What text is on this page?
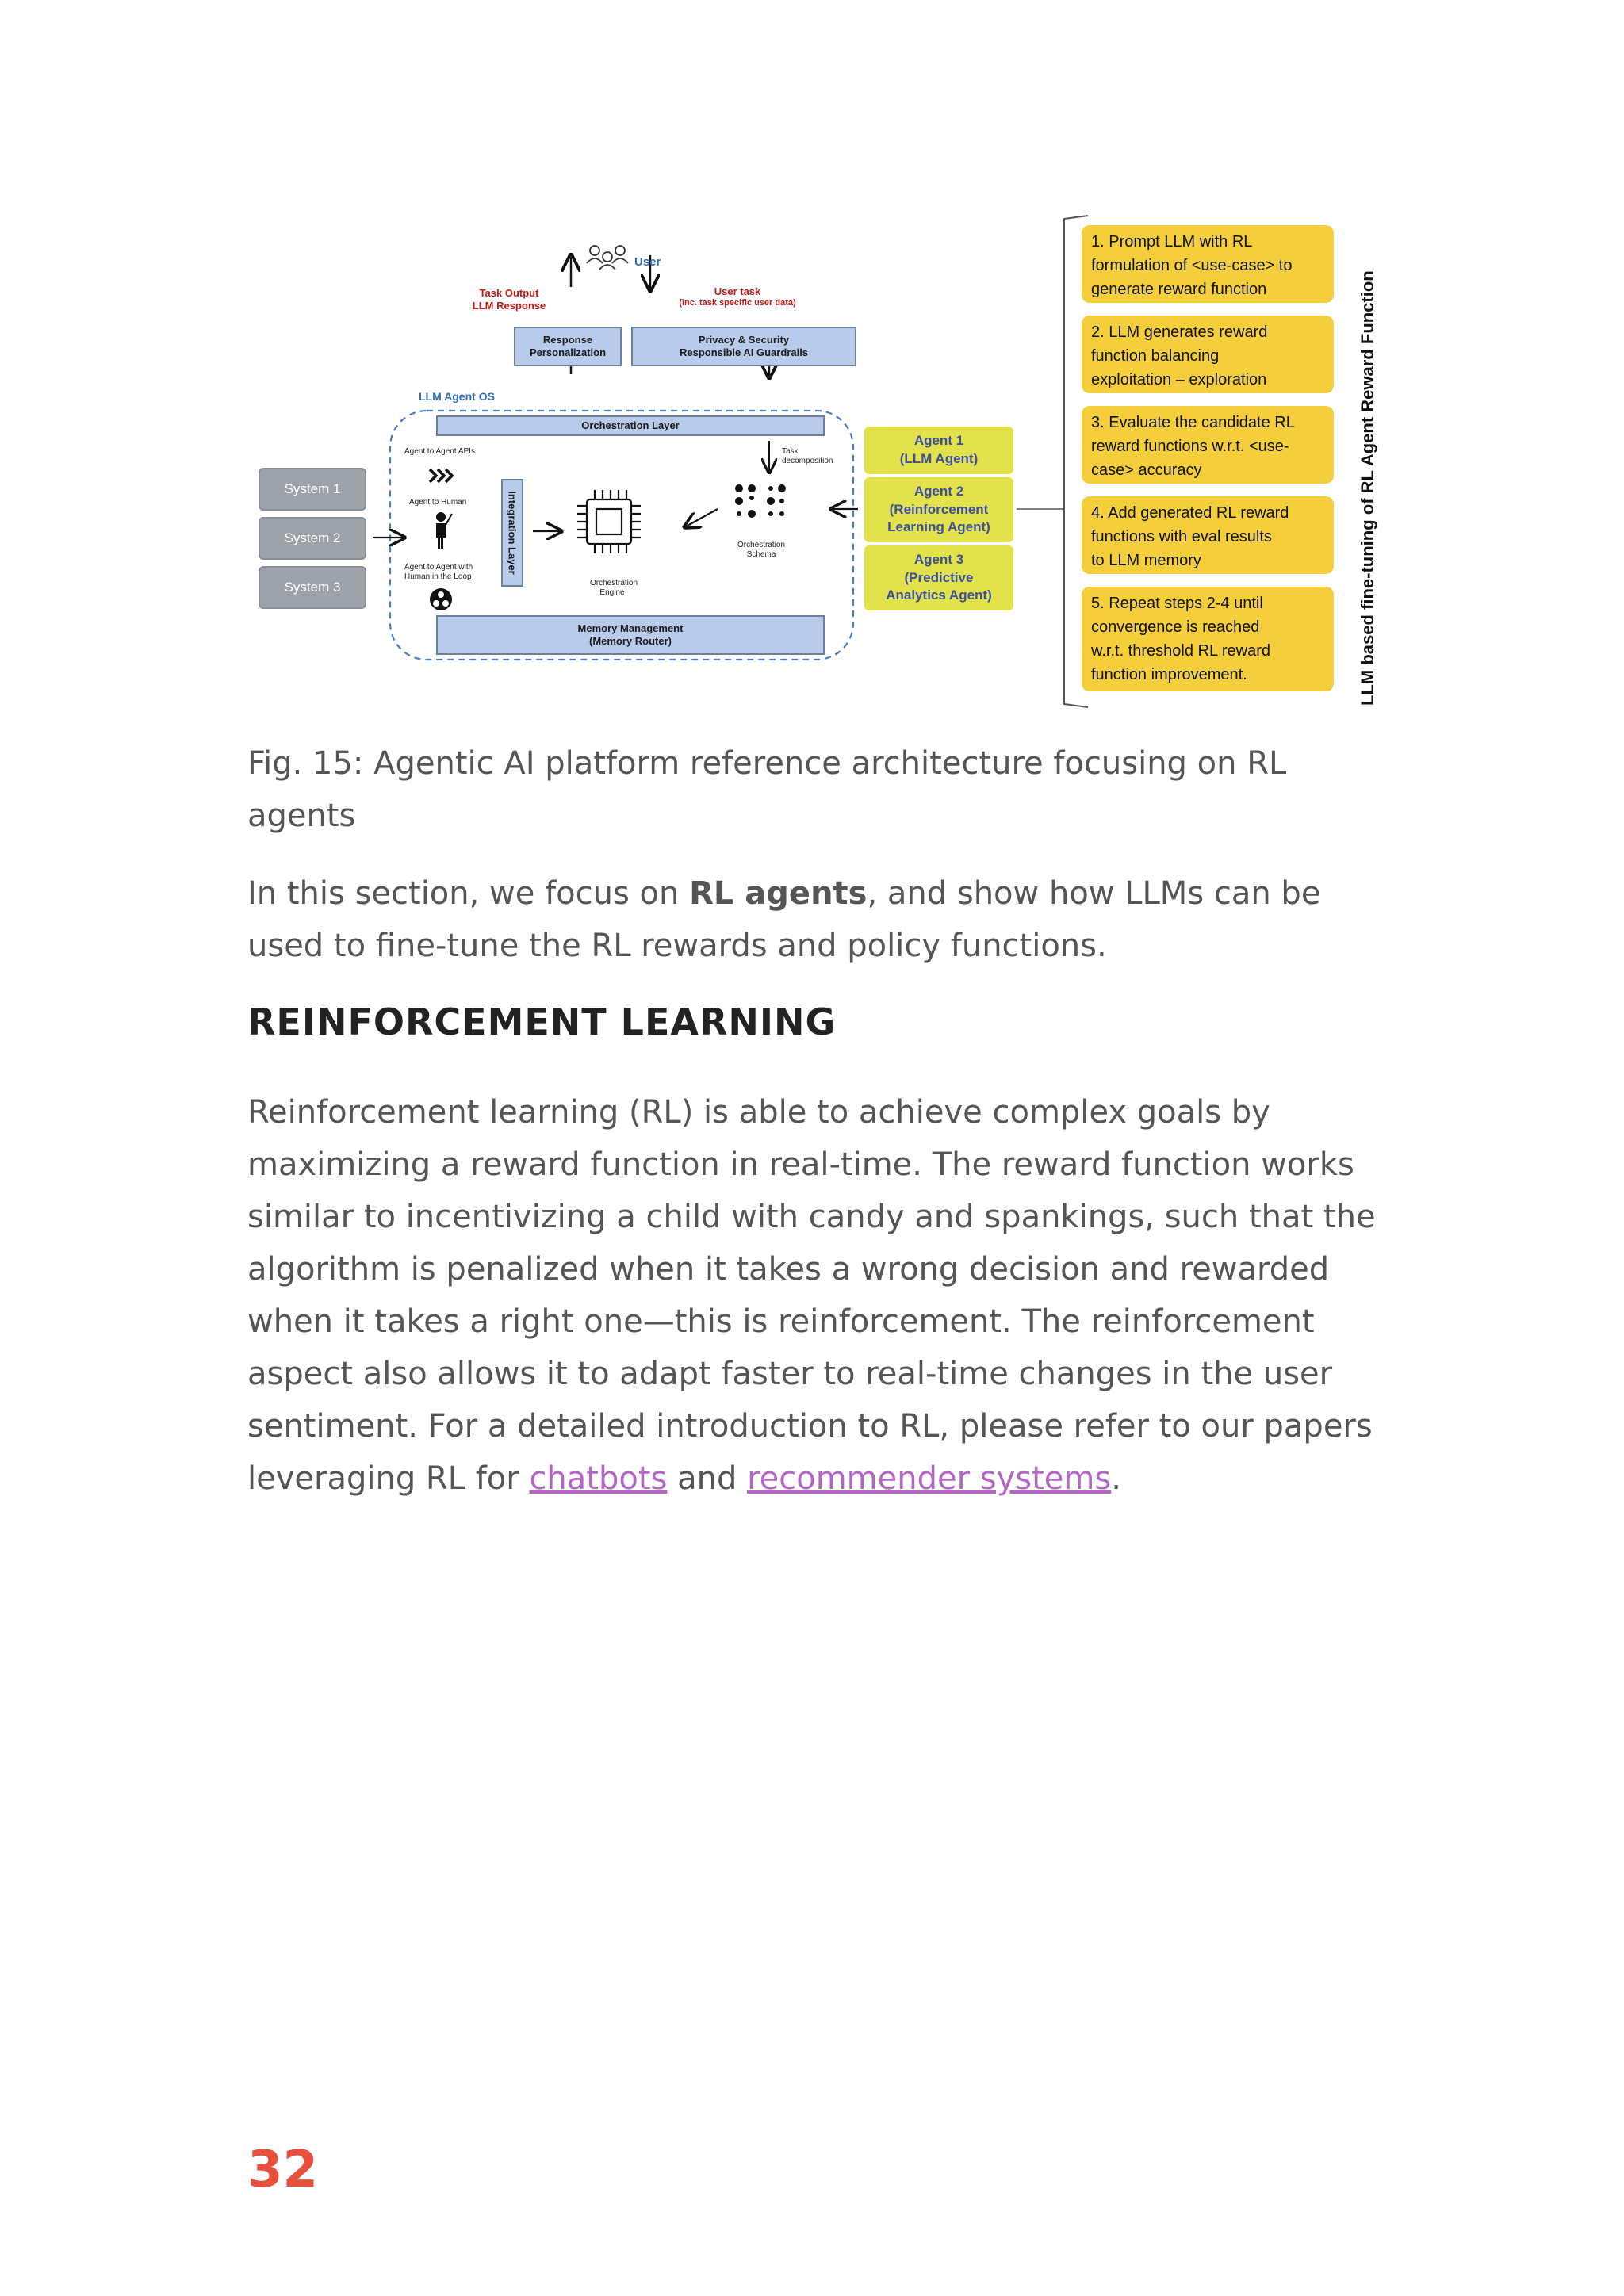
User
Task Output
LLM Response
User task
(inc. task specific user data)
Response
Personalization
Privacy & Security
Responsible AI Guardrails
LLM Agent OS
Orchestration Layer
Task
decomposition
Agent to Agent APIs
Agent to Human
Agent to Agent with
Human in the Loop
Integration Layer
Orchestration
Engine
Orchestration
Schema
Memory Management
(Memory Router)
System 1
System 2
System 3
Agent 1
(LLM Agent)
Agent 2
(Reinforcement
Learning Agent)
Agent 3
(Predictive
Analytics Agent)
1. Prompt LLM with RL
formulation of <use-case> to
generate reward function
2. LLM generates reward
function balancing
exploitation – exploration
3. Evaluate the candidate RL
reward functions w.r.t. <use-
case> accuracy
4. Add generated RL reward
functions with eval results
to LLM memory
5. Repeat steps 2-4 until
convergence is reached
w.r.t. threshold RL reward
function improvement.	LLM based fine-tuning of RL Agent Reward Function
Fig. 15: Agentic AI platform reference architecture focusing on RL agents
In this section, we focus on RL agents, and show how LLMs can be used to fine-tune the RL rewards and policy functions.
REINFORCEMENT LEARNING
Reinforcement learning (RL) is able to achieve complex goals by maximizing a reward function in real-time. The reward function works similar to incentivizing a child with candy and spankings, such that the algorithm is penalized when it takes a wrong decision and rewarded when it takes a right one—this is reinforcement. The reinforcement aspect also allows it to adapt faster to real-time changes in the user sentiment. For a detailed introduction to RL, please refer to our papers leveraging RL for chatbots and recommender systems.
32
